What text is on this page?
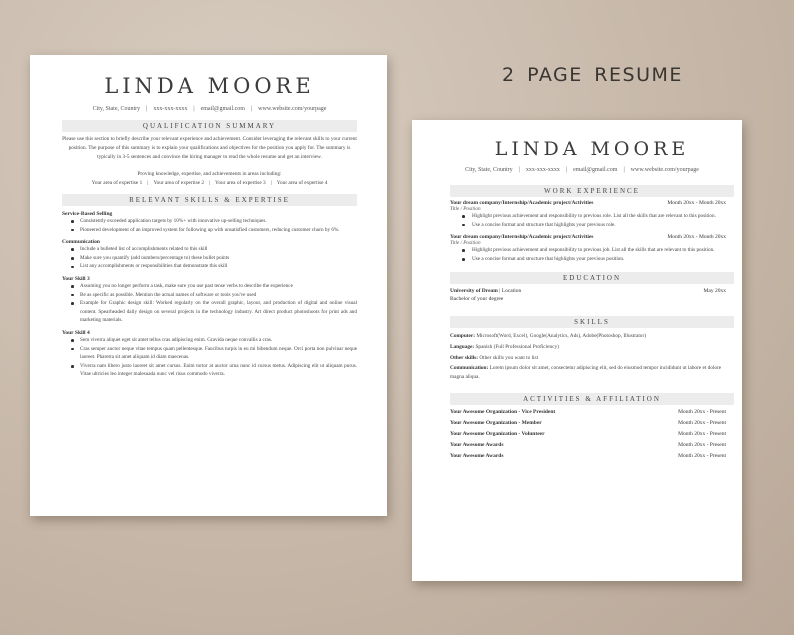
2 PAGE RESUME
LINDA MOORE
City, State, Country | xxx-xxx-xxxx | email@gmail.com | www.website.com/yourpage
QUALIFICATION SUMMARY

Please use this section to briefly describe your relevant experience and achievement. Consider leveraging the relevant skills to your current position. The purpose of this summary is to explain your qualifications and objectives for the position you apply for. The summary is typically in 3-5 sentences and convince the hiring manager to read the whole resume and get an interview.

Proving knowledge, expertise, and achievements in areas including:

Your area of expertise 1 | Your area of expertise 2 | Your area of expertise 3 | Your area of expertise 4
RELEVANT SKILLS & EXPERTISE
Service-Based Selling
Consistently exceeded application targets by 10%+ with innovative up-selling techniques.
Pioneered development of an improved system for following up with unsatisfied customers, reducing customer churn by 6%.
Communication
Include a bulleted list of accomplishments related to this skill
Make sure you quantify (add numbers/percentage to) these bullet points
List any accomplishments or responsibilities that demonstrate this skill
Your Skill 3
Assuming you no longer perform a task, make sure you use past tense verbs to describe the experience
Be as specific as possible. Mention the actual names of software or tools you've used
Example for Graphic design skill: Worked regularly on the overall graphic, layout, and production of digital and online visual content. Spearheaded daily design on several projects in the technology industry. Art direct product photoshoots for print ads and marketing materials.
Your Skill 4
Sem viverra aliquet eget sit amet tellus cras adipiscing enim. Gravida neque convallis a cras.
Cras semper auctor neque vitae tempus quam pellentesque. Faucibus turpis in eu mi bibendum neque. Orci porta non pulvinar neque laoreet. Pharetra sit amet aliquam id diam maecenas.
Viverra nam libero justo laoreet sit amet cursus. Enim tortor at auctor urna nunc id cursus metus. Adipiscing elit ut aliquam purus. Vitae ultricies leo integer malesuada nunc vel risus commodo viverra.
LINDA MOORE
City, State, Country | xxx-xxx-xxxx | email@gmail.com | www.website.com/yourpage
WORK EXPERIENCE
Your dream company/Internship/Academic project/Activities	Month 20xx - Month 20xx
Title / Position
Highlight previous achievement and responsibility to previous role. List all the skills that are relevant to this position.
Use a concise format and structure that highlights your previous role.
Your dream company/Internship/Academic project/Activities	Month 20xx - Month 20xx
Title / Position
Highlight previous achievement and responsibility to previous job. List all the skills that are relevant to this position.
Use a concise format and structure that highlights your previous position.
EDUCATION
University of Dream | Location	May 20xx
Bachelor of your degree
SKILLS
Computer: Microsoft(Word, Excel), Google(Analytics, Ads), Adobe(Photoshop, Illustrator)
Language: Spanish (Full Professional Proficiency)
Other skills: Other skills you want to list
Communication: Lorem ipsum dolor sit amet, consectetur adipiscing elit, sed do eiusmod tempor incididunt ut labore et dolore magna aliqua.
ACTIVITIES & AFFILIATION
Your Awesome Organization - Vice President	Month 20xx - Present
Your Awesome Organization - Member	Month 20xx - Present
Your Awesome Organization - Volunteer	Month 20xx - Present
Your Awesome Awards	Month 20xx - Present
Your Awesome Awards	Month 20xx - Present
